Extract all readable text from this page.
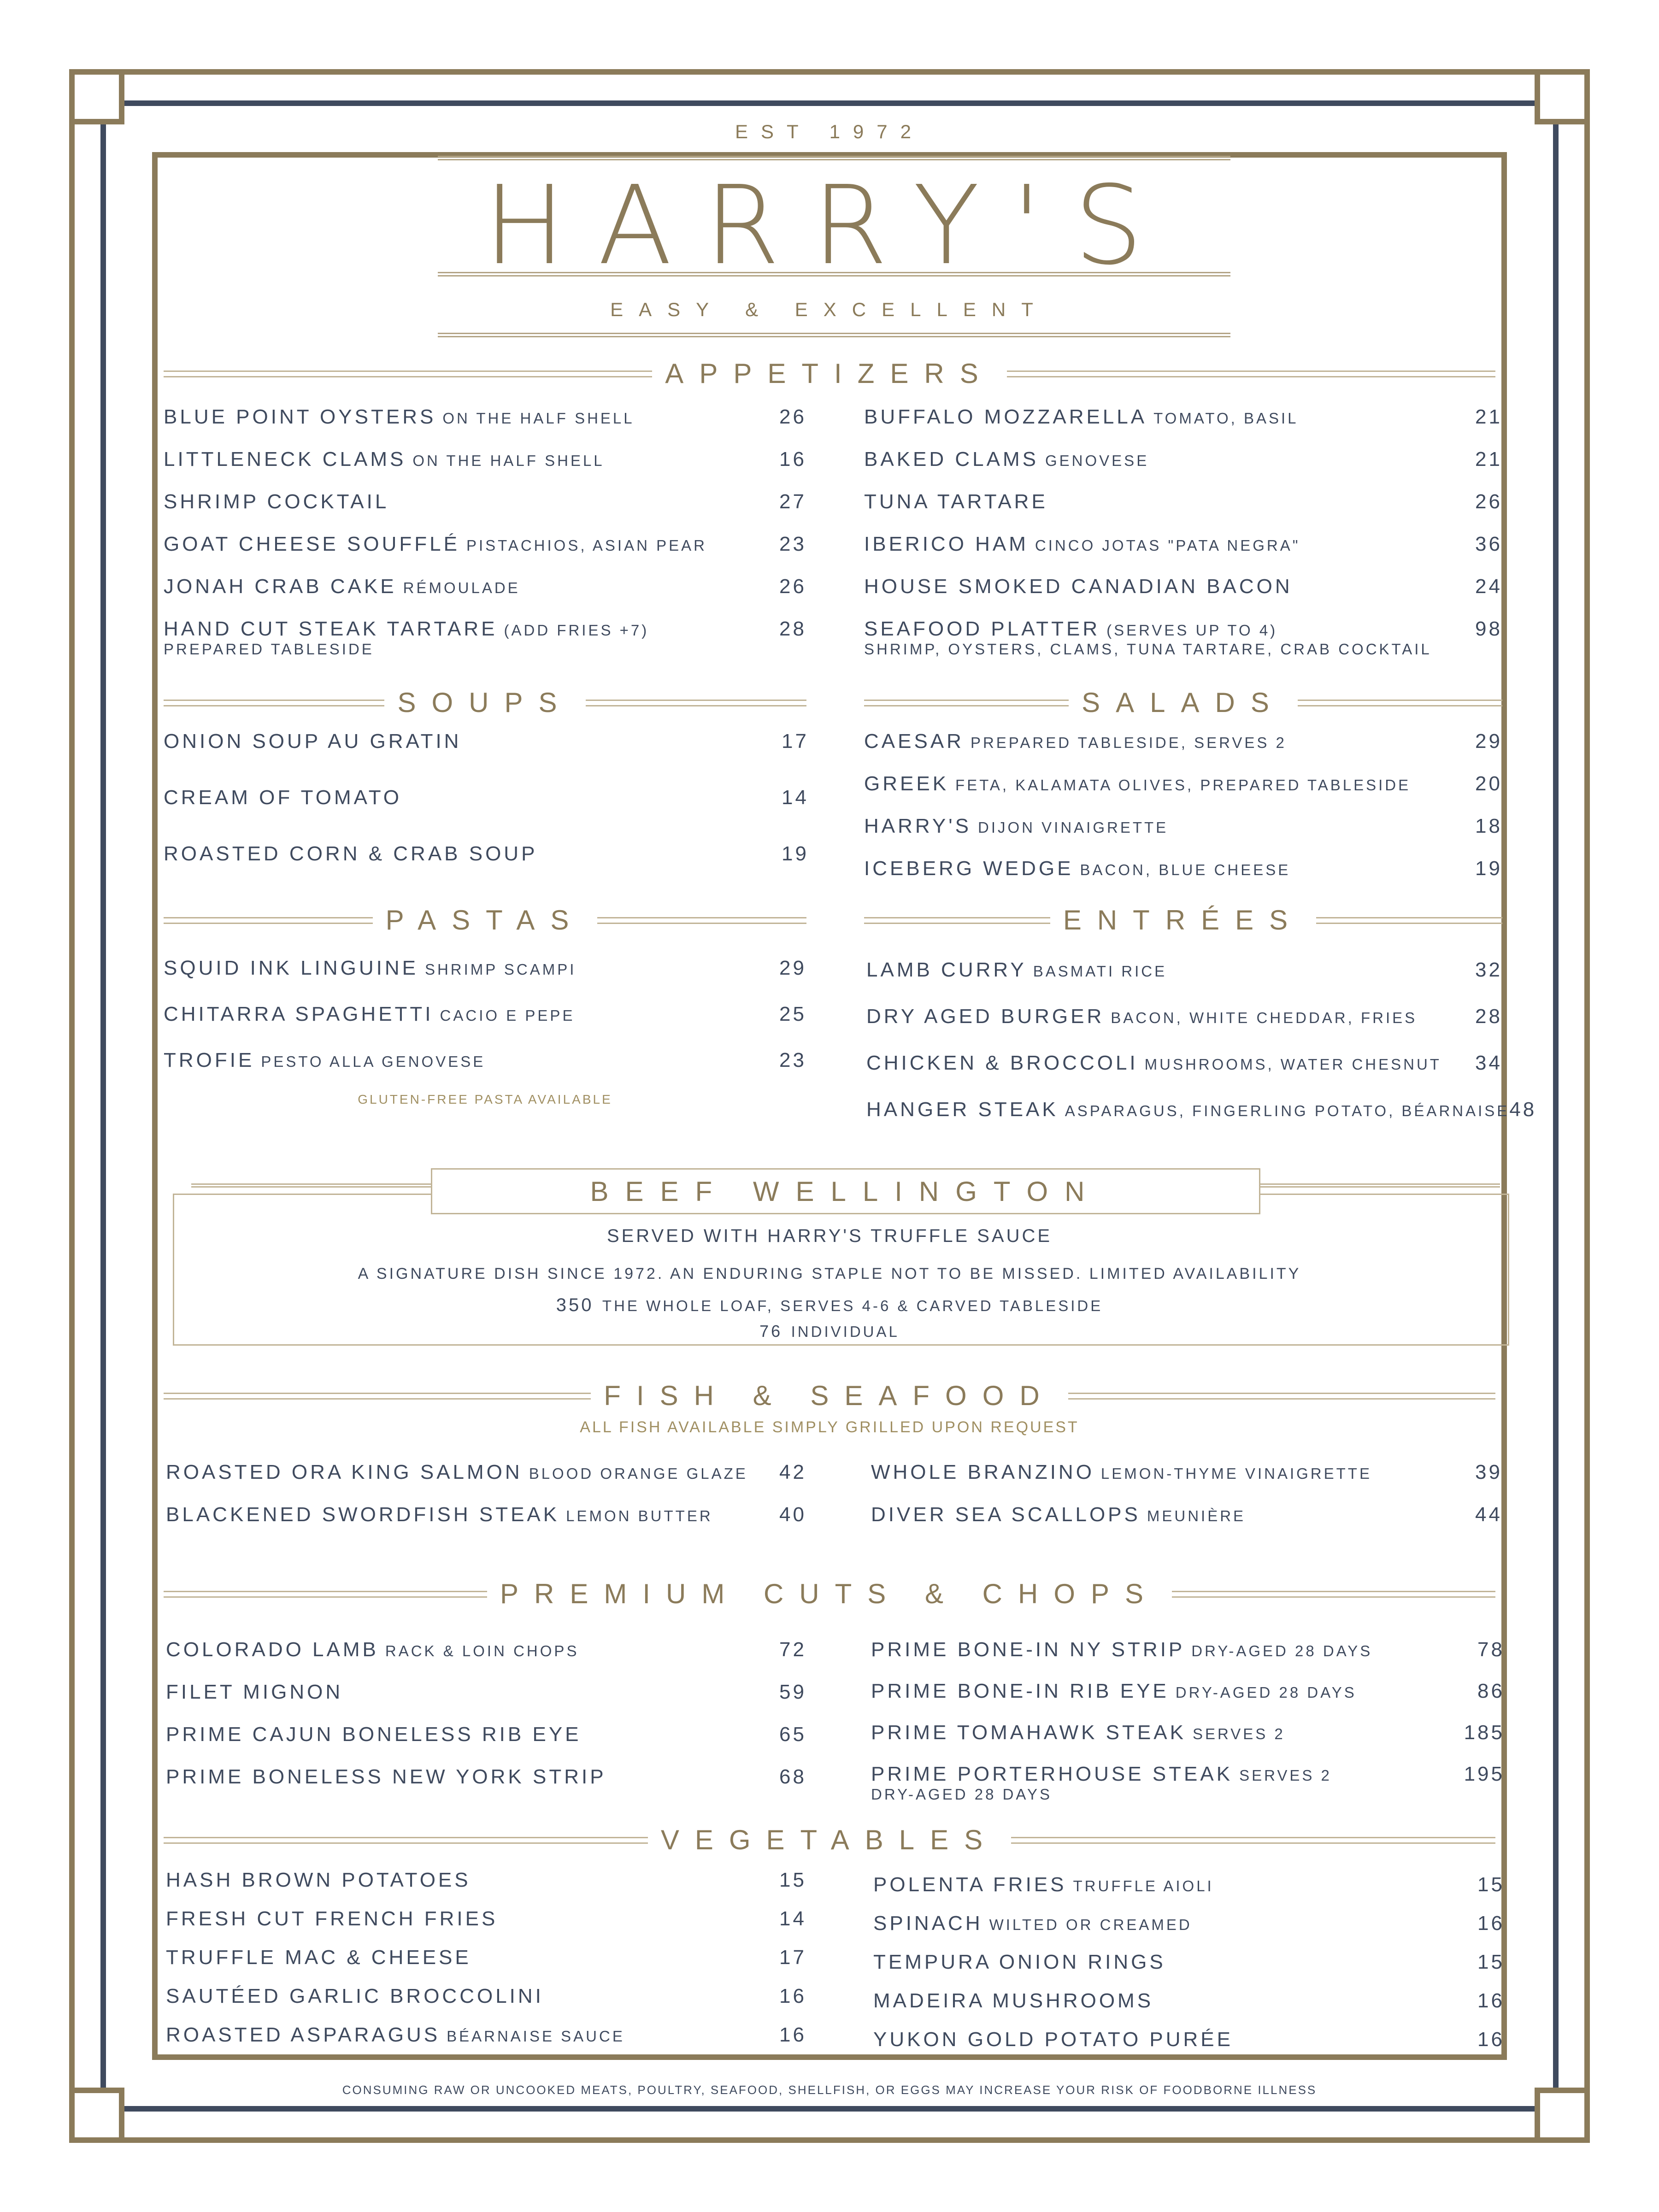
EST 1972
HARRY'S
EASY & EXCELLENT
APPETIZERS
BLUE POINT OYSTERS ON THE HALF SHELL	26
LITTLENECK CLAMS ON THE HALF SHELL	16
SHRIMP COCKTAIL	27
GOAT CHEESE SOUFFLÉ PISTACHIOS, ASIAN PEAR	23
JONAH CRAB CAKE RÉMOULADE	26
HAND CUT STEAK TARTARE (ADD FRIES +7)	28
PREPARED TABLESIDE
BUFFALO MOZZARELLA TOMATO, BASIL	21
BAKED CLAMS GENOVESE	21
TUNA TARTARE	26
IBERICO HAM CINCO JOTAS "PATA NEGRA"	36
HOUSE SMOKED CANADIAN BACON	24
SEAFOOD PLATTER (SERVES UP TO 4)	98
SHRIMP, OYSTERS, CLAMS, TUNA TARTARE, CRAB COCKTAIL
SOUPS
ONION SOUP AU GRATIN	17
CREAM OF TOMATO	14
ROASTED CORN & CRAB SOUP	19
SALADS
CAESAR PREPARED TABLESIDE, SERVES 2	29
GREEK FETA, KALAMATA OLIVES, PREPARED TABLESIDE	20
HARRY'S DIJON VINAIGRETTE	18
ICEBERG WEDGE BACON, BLUE CHEESE	19
PASTAS
SQUID INK LINGUINE SHRIMP SCAMPI	29
CHITARRA SPAGHETTI CACIO E PEPE	25
TROFIE PESTO ALLA GENOVESE	23
GLUTEN-FREE PASTA AVAILABLE
ENTRÉES
LAMB CURRY BASMATI RICE	32
DRY AGED BURGER BACON, WHITE CHEDDAR, FRIES	28
CHICKEN & BROCCOLI MUSHROOMS, WATER CHESNUT 34
HANGER STEAK ASPARAGUS, FINGERLING POTATO, BÉARNAISE 48
BEEF WELLINGTON
SERVED WITH HARRY'S TRUFFLE SAUCE
A SIGNATURE DISH SINCE 1972. AN ENDURING STAPLE NOT TO BE MISSED. LIMITED AVAILABILITY
350 THE WHOLE LOAF, SERVES 4-6 & CARVED TABLESIDE
76 INDIVIDUAL
FISH & SEAFOOD
ALL FISH AVAILABLE SIMPLY GRILLED UPON REQUEST
ROASTED ORA KING SALMON BLOOD ORANGE GLAZE 42
BLACKENED SWORDFISH STEAK LEMON BUTTER	40
WHOLE BRANZINO LEMON-THYME VINAIGRETTE	39
DIVER SEA SCALLOPS MEUNIÈRE	44
PREMIUM CUTS & CHOPS
COLORADO LAMB RACK & LOIN CHOPS	72
FILET MIGNON	59
PRIME CAJUN BONELESS RIB EYE	65
PRIME BONELESS NEW YORK STRIP	68
PRIME BONE-IN NY STRIP DRY-AGED 28 DAYS	78
PRIME BONE-IN RIB EYE DRY-AGED 28 DAYS	86
PRIME TOMAHAWK STEAK SERVES 2	185
PRIME PORTERHOUSE STEAK SERVES 2	195
DRY-AGED 28 DAYS
VEGETABLES
HASH BROWN POTATOES	15
FRESH CUT FRENCH FRIES	14
TRUFFLE MAC & CHEESE	17
SAUTÉED GARLIC BROCCOLINI	16
ROASTED ASPARAGUS BÉARNAISE SAUCE	16
POLENTA FRIES TRUFFLE AIOLI	15
SPINACH WILTED OR CREAMED	16
TEMPURA ONION RINGS	15
MADEIRA MUSHROOMS	16
YUKON GOLD POTATO PURÉE	16
CONSUMING RAW OR UNCOOKED MEATS, POULTRY, SEAFOOD, SHELLFISH, OR EGGS MAY INCREASE YOUR RISK OF FOODBORNE ILLNESS
